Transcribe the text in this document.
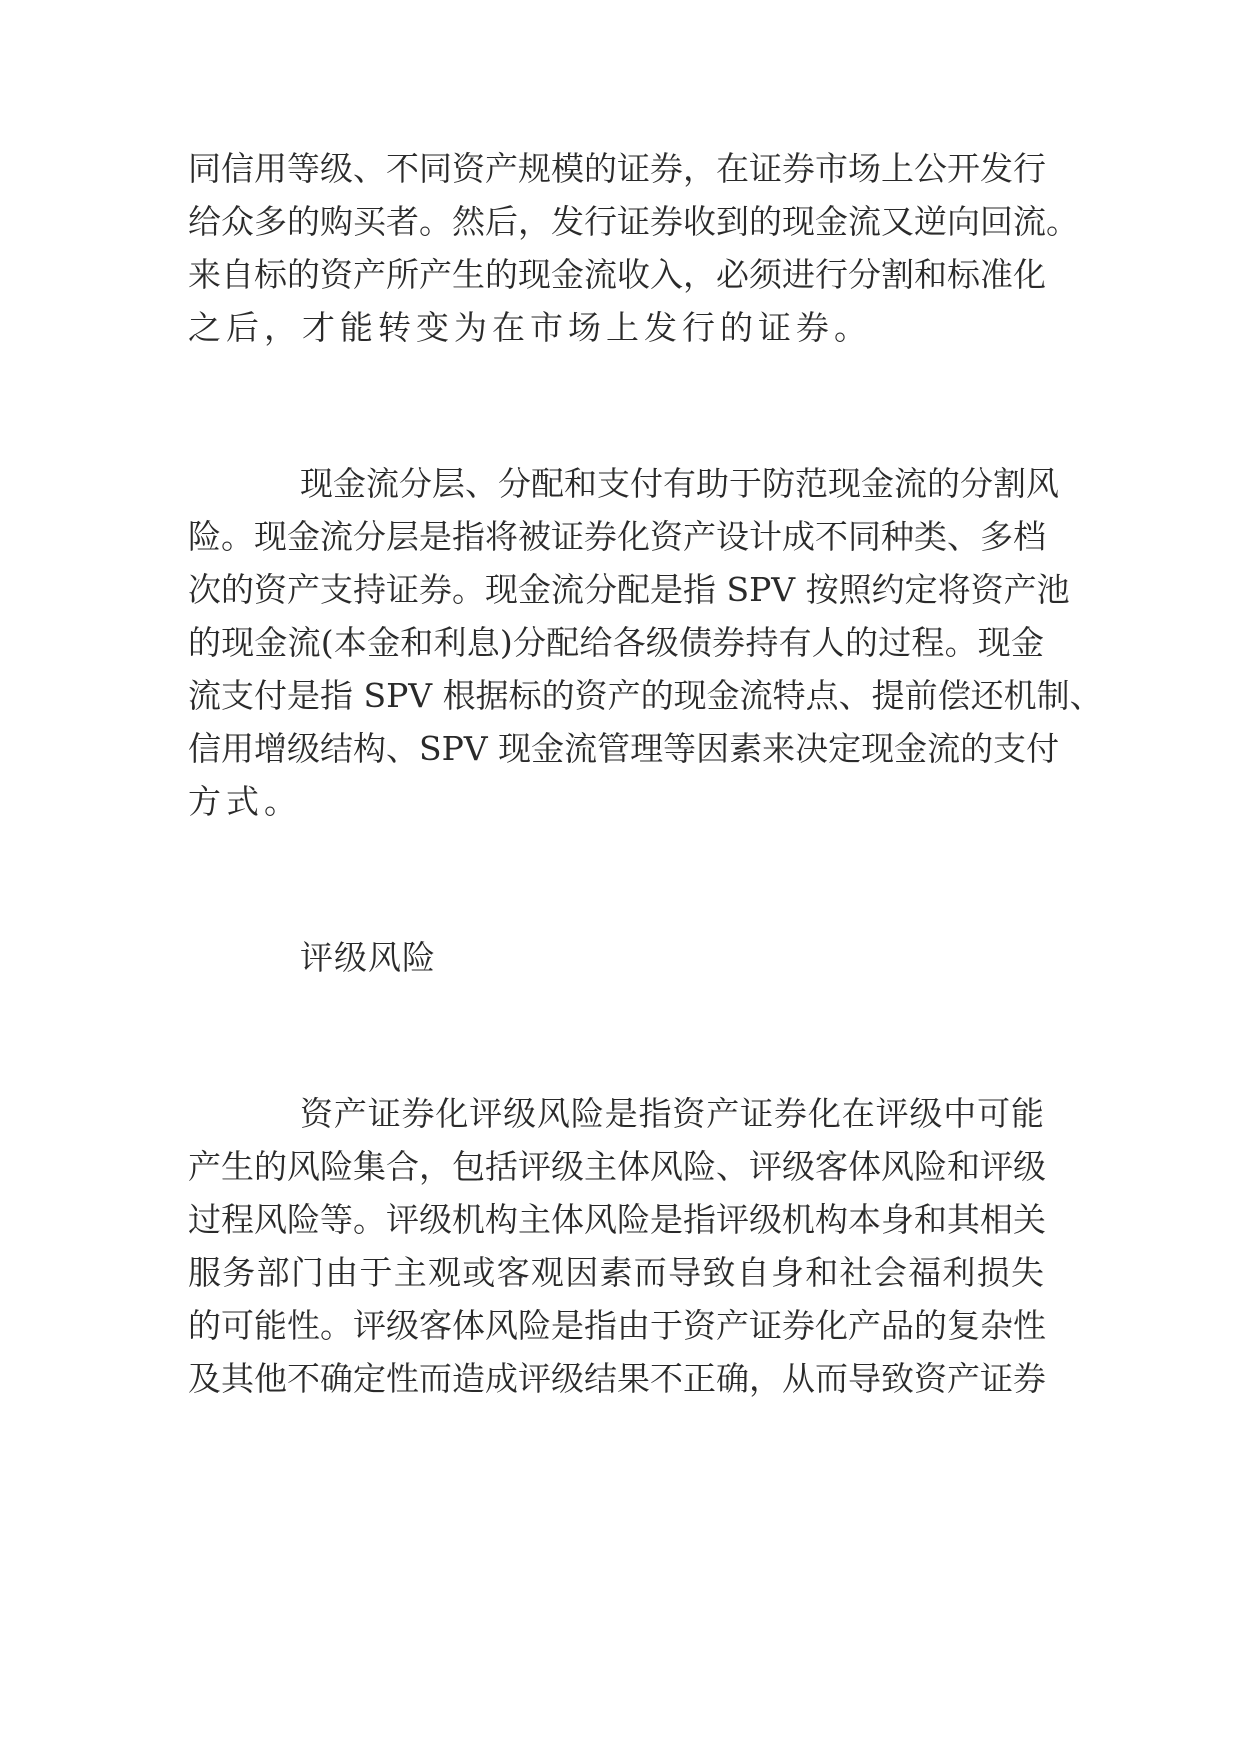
同信用等级、不同资产规模的证券，在证券市场上公开发行
给众多的购买者。然后，发行证券收到的现金流又逆向回流。
来自标的资产所产生的现金流收入，必须进行分割和标准化
之后，才能转变为在市场上发行的证券。
现金流分层、分配和支付有助于防范现金流的分割风
险。现金流分层是指将被证券化资产设计成不同种类、多档
次的资产支持证券。现金流分配是指 SPV 按照约定将资产池
的现金流(本金和利息)分配给各级债券持有人的过程。现金
流支付是指 SPV 根据标的资产的现金流特点、提前偿还机制、
信用增级结构、SPV 现金流管理等因素来决定现金流的支付
方式。
评级风险
资产证券化评级风险是指资产证券化在评级中可能
产生的风险集合，包括评级主体风险、评级客体风险和评级
过程风险等。评级机构主体风险是指评级机构本身和其相关
服务部门由于主观或客观因素而导致自身和社会福利损失
的可能性。评级客体风险是指由于资产证券化产品的复杂性
及其他不确定性而造成评级结果不正确，从而导致资产证券
